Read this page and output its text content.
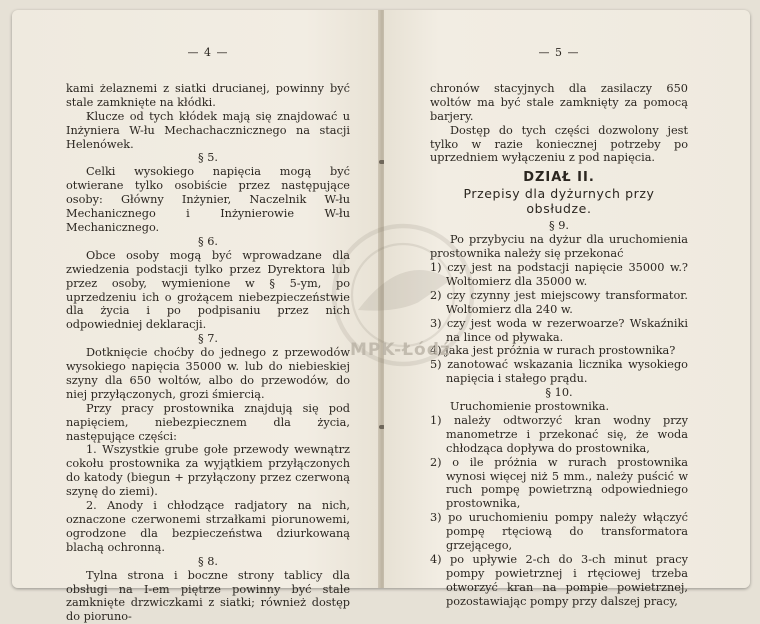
— 4 —

kami żelaznemi z siatki drucianej, powinny być stale zamknięte na kłódki.

Klucze od tych kłódek mają się znajdować u Inżyniera W-łu Mechachacznicznego na stacji Helenówek.

§ 5.

Celki wysokiego napięcia mogą być otwierane tylko osobiście przez następujące osoby: Główny Inżynier, Naczelnik W-łu Mechanicznego i Inżynierowie W-łu Mechanicznego.

§ 6.

Obce osoby mogą być wprowadzane dla zwiedzenia podstacji tylko przez Dyrektora lub przez osoby, wymienione w § 5-ym, po uprzedzeniu ich o grożącem niebezpieczeństwie dla życia i po podpisaniu przez nich odpowiedniej deklaracji.

§ 7.

Dotknięcie choćby do jednego z przewodów wysokiego napięcia 35000 w. lub do niebieskiej szyny dla 650 woltów, albo do przewodów, do niej przyłączonych, grozi śmiercią.

Przy pracy prostownika znajdują się pod napięciem, niebezpiecznem dla życia, następujące części:

1. Wszystkie grube gołe przewody wewnątrz cokołu prostownika za wyjątkiem przyłączonych do katody (biegun + przyłączony przez czerwoną szynę do ziemi).

2. Anody i chłodzące radjatory na nich, oznaczone czerwonemi strzałkami piorunowemi, ogrodzone dla bezpieczeństwa dziurkowaną blachą ochronną.

§ 8.

Tylna strona i boczne strony tablicy dla obsługi na I-em piętrze powinny być stale zamknięte drzwiczkami z siatki; również dostęp do pioruno-

— 5 —

chronów stacyjnych dla zasilaczy 650 woltów ma być stale zamknięty za pomocą barjery.

Dostęp do tych części dozwolony jest tylko w razie koniecznej potrzeby po uprzedniem wyłączeniu z pod napięcia.

DZIAŁ II.
Przepisy dla dyżurnych przy obsłudze.

§ 9.

Po przybyciu na dyżur dla uruchomienia prostownika należy się przekonać

1) czy jest na podstacji napięcie 35000 w.? Woltomierz dla 35000 w.

2) czy czynny jest miejscowy transformator. Woltomierz dla 240 w.

3) czy jest woda w rezerwoarze? Wskaźniki na lince od pływaka.

4) jaka jest próżnia w rurach prostownika?

5) zanotować wskazania licznika wysokiego napięcia i stałego prądu.

§ 10.

Uruchomienie prostownika.

1) należy odtworzyć kran wodny przy manometrze i przekonać się, że woda chłodząca dopływa do prostownika,

2) o ile próżnia w rurach prostownika wynosi więcej niż 5 mm., należy puścić w ruch pompę powietrzną odpowiedniego prostownika,

3) po uruchomieniu pompy należy włączyć pompę rtęciową do transformatora grzejącego,

4) po upływie 2-ch do 3-ch minut pracy pompy powietrznej i rtęciowej trzeba otworzyć kran na pompie powietrznej, pozostawiając pompy przy dalszej pracy,

MPK-Łódź
